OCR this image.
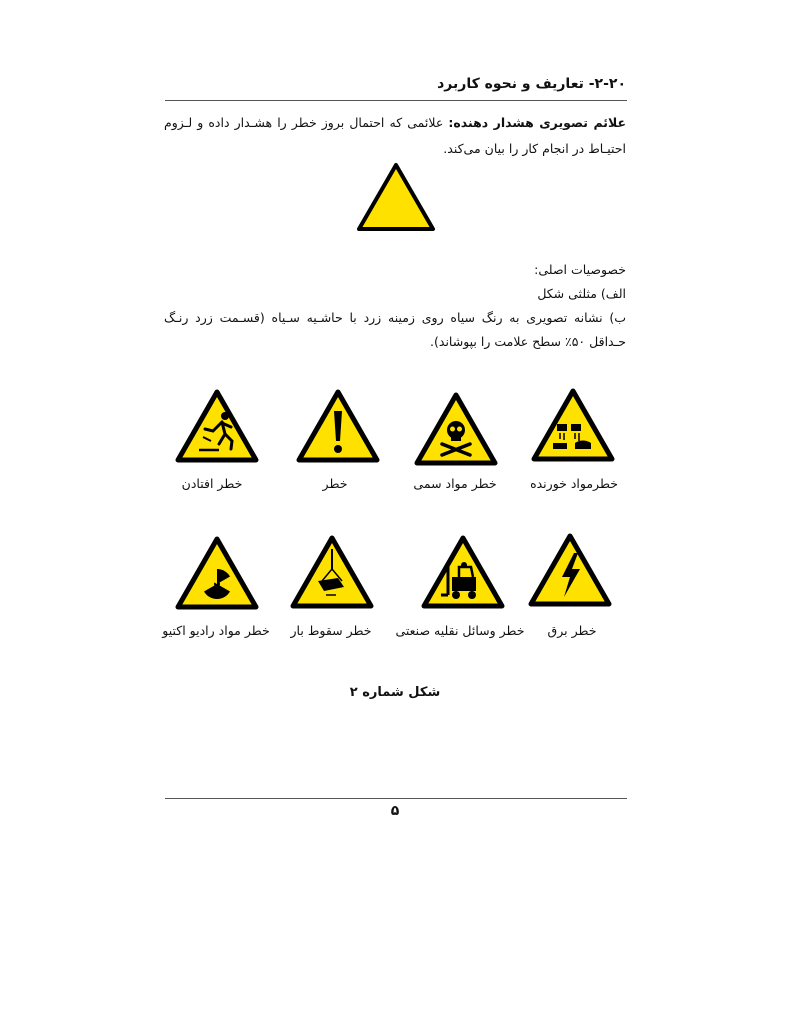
۲-۲۰- تعاریف و نحوه کاربرد
علائم تصویری هشدار دهنده: علائمی که احتمال بروز خطر را هشـدار داده و لـزوم احتیـاط در انجام کار را بیان می‌کند.
خصوصیات اصلی:
الف) مثلثی شکل
ب) نشانه تصویری به رنگ سیاه روی زمینه زرد با حاشـیه سـیاه (قسـمت زرد رنـگ حـداقل ۵۰٪ سطح علامت را بپوشاند).
خطرمواد خورنده
خطر مواد سمی
خطر
خطر افتادن
خطر برق
خطر وسائل نقلیه صنعتی
خطر سقوط بار
خطر مواد رادیو اکتیو
شکل شماره ۲
۵
